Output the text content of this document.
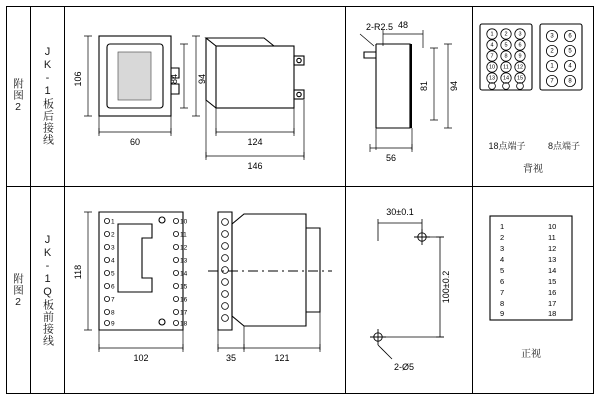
附图2 JK-1板后接线 106
60
84 94
124
146
2-R2.5 48
81 94
56
1 2 3
4 5 6
7 8 9
10 11 12
13 14 15
3 6
2 5
1 4
7 8
18点端子	8点端子
背视
附图2 JK-1Q板前接线
1
2
3
4
5
6
7
8
9
10
11
12
13
14
15
16
17
18
118
102	35	121
30±0.1
100±0.2
2-Ø5
1	10
2	11
3	12
4	13
5	14
6	15
7	16
8	17
9	18
正视
